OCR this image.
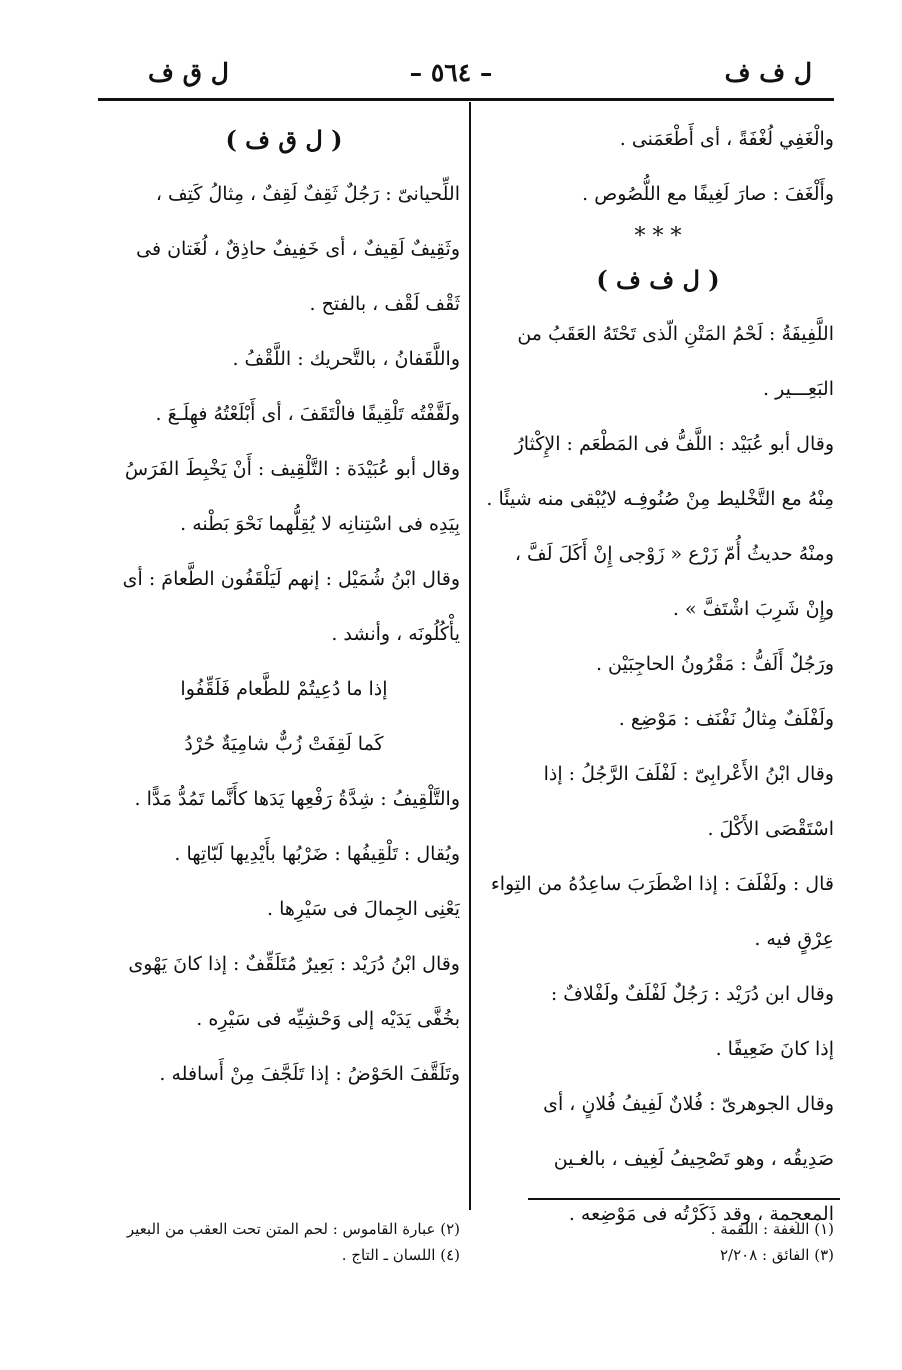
ل ف ف
– ٥٦٤ –
ل ق ف
والْغَفِي لُغْفَةً ، أى أَطْعَمَنى .
وأَلْغَفَ : صارَ لَغِيفًا مع اللُّصُوص .
* * *
( ل ف ف )
اللَّفِيفَةُ : لَحْمُ المَتْنِ الّذى تَحْتَهُ العَقَبُ من
البَعِـــير .
وقال أبو عُبَيْد : اللَّفُّ فى المَطْعَم : الإِكْثارُ
مِنْهُ مع التَّخْليط مِنْ صُنُوفِـه لايُبْقى منه شيئًا .
ومنْهُ حديثُ أُمّ زَرْع « زَوْجى إِنْ أَكَلَ لَفَّ ،
وإِنْ شَرِبَ اشْتَفَّ » .
ورَجُلٌ أَلَفُّ : مَقْرُونُ الحاجِبَيْن .
ولَفْلَفٌ مِثالُ نَفْنَف : مَوْضِع .
وقال ابْنُ الأَعْرابِىّ : لَفْلَفَ الرَّجُلُ : إذا
اسْتَقْصَى الأَكْلَ .
قال : ولَفْلَفَ : إذا اضْطَرَبَ ساعِدُهُ من التِواء
عِرْقٍ فيه .
وقال ابن دُرَيْد : رَجُلٌ لَفْلَفٌ ولَفْلافٌ :
إذا كانَ ضَعِيفًا .
وقال الجوهرىّ : فُلانٌ لَفِيفُ فُلانٍ ، أى
صَدِيقُه ، وهو تَصْحِيفُ لَغِيف ، بالغـين
المعجمة ، وقد ذَكَرْتُه فى مَوْضِعه .
( ل ق ف )
اللِّحيانىّ : رَجُلٌ ثَقِفٌ لَقِفٌ ، مِثالُ كَتِف ،
وثَقِيفٌ لَقِيفٌ ، أى خَفِيفٌ حاذِقٌ ، لُغَتان فى
ثَقْف لَقْف ، بالفتح .
واللَّقَفانُ ، بالتَّحريك : اللَّقْفُ .
ولَقَّفْتُه تَلْقِيفًا فالْتَقَفَ ، أى أَبْلَعْتُهُ فهِلَـعَ .
وقال أبو عُبَيْدَة : التَّلْقِيف : أَنْ يَخْبِطَ الفَرَسُ
بِيَدِه فى اسْتِنانِه لا يُقِلُّهما نَحْوَ بَطْنه .
وقال ابْنُ شُمَيْل : إنهم لَيَلْقَفُون الطَّعامَ : أى
يأْكُلُونَه ، وأنشد .
إذا ما دُعِيتُمْ للطَّعام فَلَقِّفُوا
كَما لَقِفَتْ زُبٌّ شامِيَةٌ حُرْدُ
والتَّلْقِيفُ : شِدَّةُ رَفْعِها يَدَها كأَنَّما تَمُدُّ مَدًّا .
ويُقال : تَلْقِيفُها : ضَرْبُها بأَيْدِيها لَبّاتِها .
يَعْنِى الجِمالَ فى سَيْرِها .
وقال ابْنُ دُرَيْد : بَعِيرٌ مُتَلَقِّفٌ : إذا كانَ يَهْوى
بخُفَّى يَدَيْه إلى وَحْشِيِّه فى سَيْرِه .
وتَلَقَّفَ الحَوْضُ : إذا تَلَجَّفَ مِنْ أَسافله .
(١) اللغفة : اللقمة .
(٣) الفائق : ٢/٢٠٨
(٢) عبارة القاموس : لحم المتن تحت العقب من البعير
(٤) اللسان ـ التاج .
